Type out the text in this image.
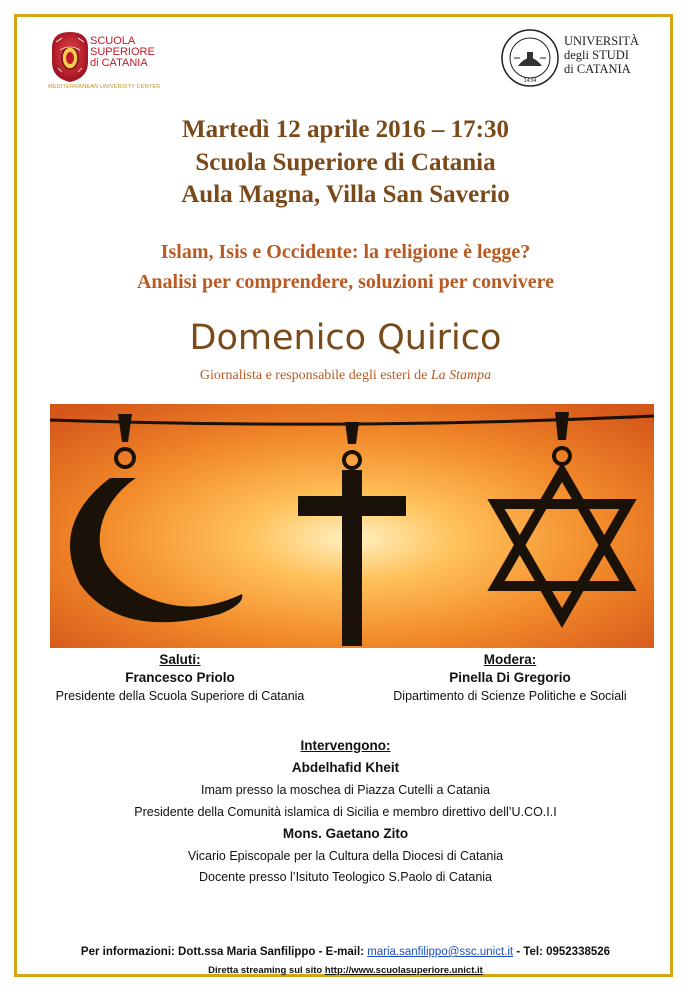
SCUOLA
SUPERIORE
di CATANIA
MEDITERRANEAN UNIVERSITY CENTER
1434
UNIVERSITÀ
degli STUDI
di CATANIA
Martedì 12 aprile 2016 – 17:30
Scuola Superiore di Catania
Aula Magna, Villa San Saverio
Islam, Isis e Occidente: la religione è legge?
Analisi per comprendere, soluzioni per convivere
Domenico Quirico
Giornalista e responsabile degli esteri de La Stampa
Saluti:
Francesco Priolo
Presidente della Scuola Superiore di Catania
Modera:
Pinella Di Gregorio
Dipartimento di Scienze Politiche e Sociali
Intervengono:
Abdelhafid Kheit
Imam presso la moschea di Piazza Cutelli a Catania
Presidente della Comunità islamica di Sicilia e membro direttivo dell’U.CO.I.I
Mons. Gaetano Zito
Vicario Episcopale per la Cultura della Diocesi di Catania
Docente presso l’Isituto Teologico S.Paolo di Catania
Per informazioni: Dott.ssa Maria Sanfilippo - E-mail: maria.sanfilippo@ssc.unict.it - Tel: 0952338526
Diretta streaming sul sito http://www.scuolasuperiore.unict.it
